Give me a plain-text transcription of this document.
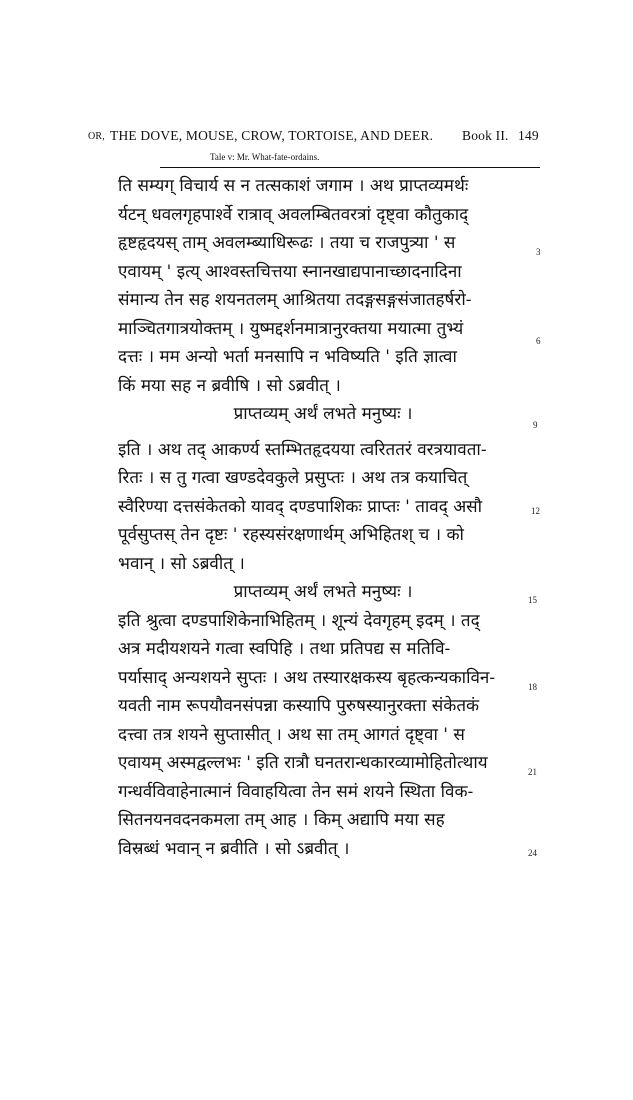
OR, THE DOVE, MOUSE, CROW, TORTOISE, AND DEER. Book II. 149
Tale v: Mr. What-fate-ordains.
ति सम्यग् विचार्य स न तत्सकाशं जगाम । अथ प्राप्तव्यमर्थः
र्यटन् धवलगृहपार्श्वे रात्राव् अवलम्बितवरत्रां दृष्ट्वा कौतुकाद्
हृष्टहृदयस् ताम् अवलम्ब्याधिरूढः । तया च राजपुत्र्या ' स
एवायम् ' इत्य् आश्वस्तचित्तया स्नानखाद्यपानाच्छादनादिना
संमान्य तेन सह शयनतलम् आश्रितया तदङ्गसङ्गसंजातहर्षरो-
माञ्चितगात्रयोक्तम् । युष्मद्दर्शनमात्रानुरक्तया मयात्मा तुभ्यं
दत्तः । मम अन्यो भर्ता मनसापि न भविष्यति ' इति ज्ञात्वा
किं मया सह न ब्रवीषि । सो ऽब्रवीत् ।
प्राप्तव्यम् अर्थं लभते मनुष्यः ।
इति । अथ तद् आकर्ण्य स्तम्भितहृदयया त्वरिततरं वरत्रयावता-
रितः । स तु गत्वा खण्डदेवकुले प्रसुप्तः । अथ तत्र कयाचित्
स्वैरिण्या दत्तसंकेतको यावद् दण्डपाशिकः प्राप्तः ' तावद् असौ
पूर्वसुप्तस् तेन दृष्टः ' रहस्यसंरक्षणार्थम् अभिहितश् च । को
भवान् । सो ऽब्रवीत् ।
प्राप्तव्यम् अर्थं लभते मनुष्यः ।
इति श्रुत्वा दण्डपाशिकेनाभिहितम् । शून्यं देवगृहम् इदम् । तद्
अत्र मदीयशयने गत्वा स्वपिहि । तथा प्रतिपद्य स मतिवि-
पर्यासाद् अन्यशयने सुप्तः । अथ तस्यारक्षकस्य बृहत्कन्यकाविन-
यवती नाम रूपयौवनसंपन्ना कस्यापि पुरुषस्यानुरक्ता संकेतकं
दत्त्वा तत्र शयने सुप्तासीत् । अथ सा तम् आगतं दृष्ट्वा ' स
एवायम् अस्मद्वल्लभः ' इति रात्रौ घनतरान्धकारव्यामोहितोत्थाय
गन्धर्वविवाहेनात्मानं विवाहयित्वा तेन समं शयने स्थिता विक-
सितनयनवदनकमला तम् आह । किम् अद्यापि मया सह
विस्रब्धं भवान् न ब्रवीति । सो ऽब्रवीत् ।
3
6
9
12
15
18
21
24
